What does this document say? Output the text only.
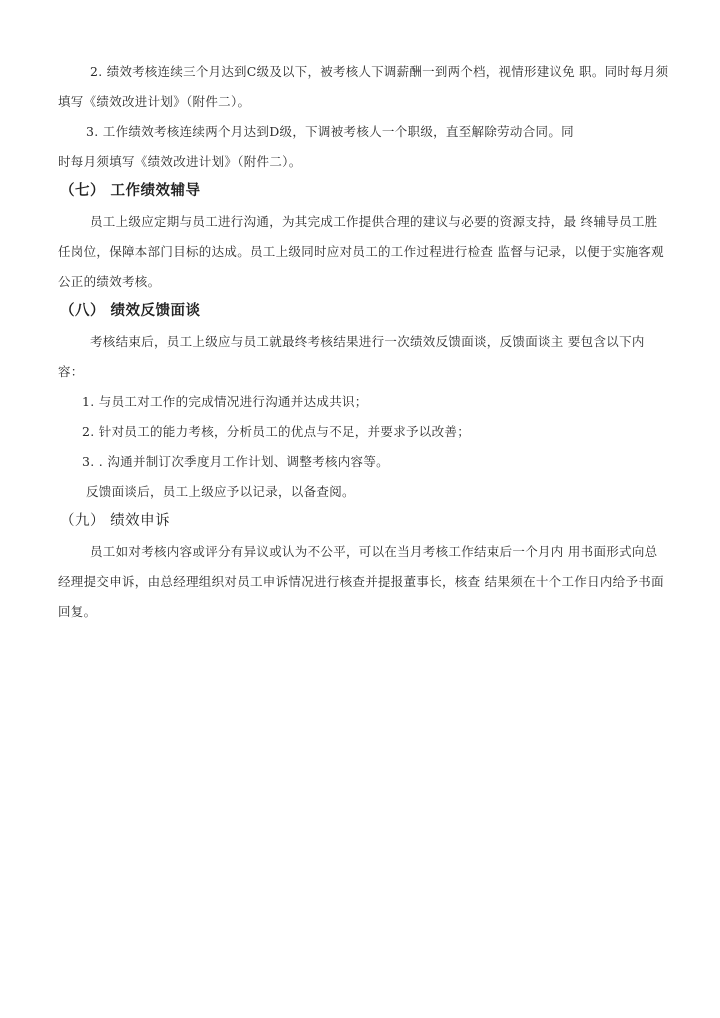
2. 绩效考核连续三个月达到C级及以下，被考核人下调薪酬一到两个档，视情形建议免 职。同时每月须
填写《绩效改进计划》（附件二）。
3. 工作绩效考核连续两个月达到D级，下调被考核人一个职级，直至解除劳动合同。同
时每月须填写《绩效改进计划》（附件二）。
（七） 工作绩效辅导
员工上级应定期与员工进行沟通，为其完成工作提供合理的建议与必要的资源支持，最 终辅导员工胜
任岗位，保障本部门目标的达成。员工上级同时应对员工的工作过程进行检查 监督与记录，以便于实施客观
公正的绩效考核。
（八） 绩效反馈面谈
考核结束后，员工上级应与员工就最终考核结果进行一次绩效反馈面谈，反馈面谈主 要包含以下内
容：
1. 与员工对工作的完成情况进行沟通并达成共识；
2. 针对员工的能力考核，分析员工的优点与不足，并要求予以改善；
3. . 沟通并制订次季度月工作计划、调整考核内容等。
反馈面谈后，员工上级应予以记录，以备查阅。
（九） 绩效申诉
员工如对考核内容或评分有异议或认为不公平，可以在当月考核工作结束后一个月内 用书面形式向总
经理提交申诉，由总经理组织对员工申诉情况进行核查并提报董事长，核查 结果须在十个工作日内给予书面
回复。
